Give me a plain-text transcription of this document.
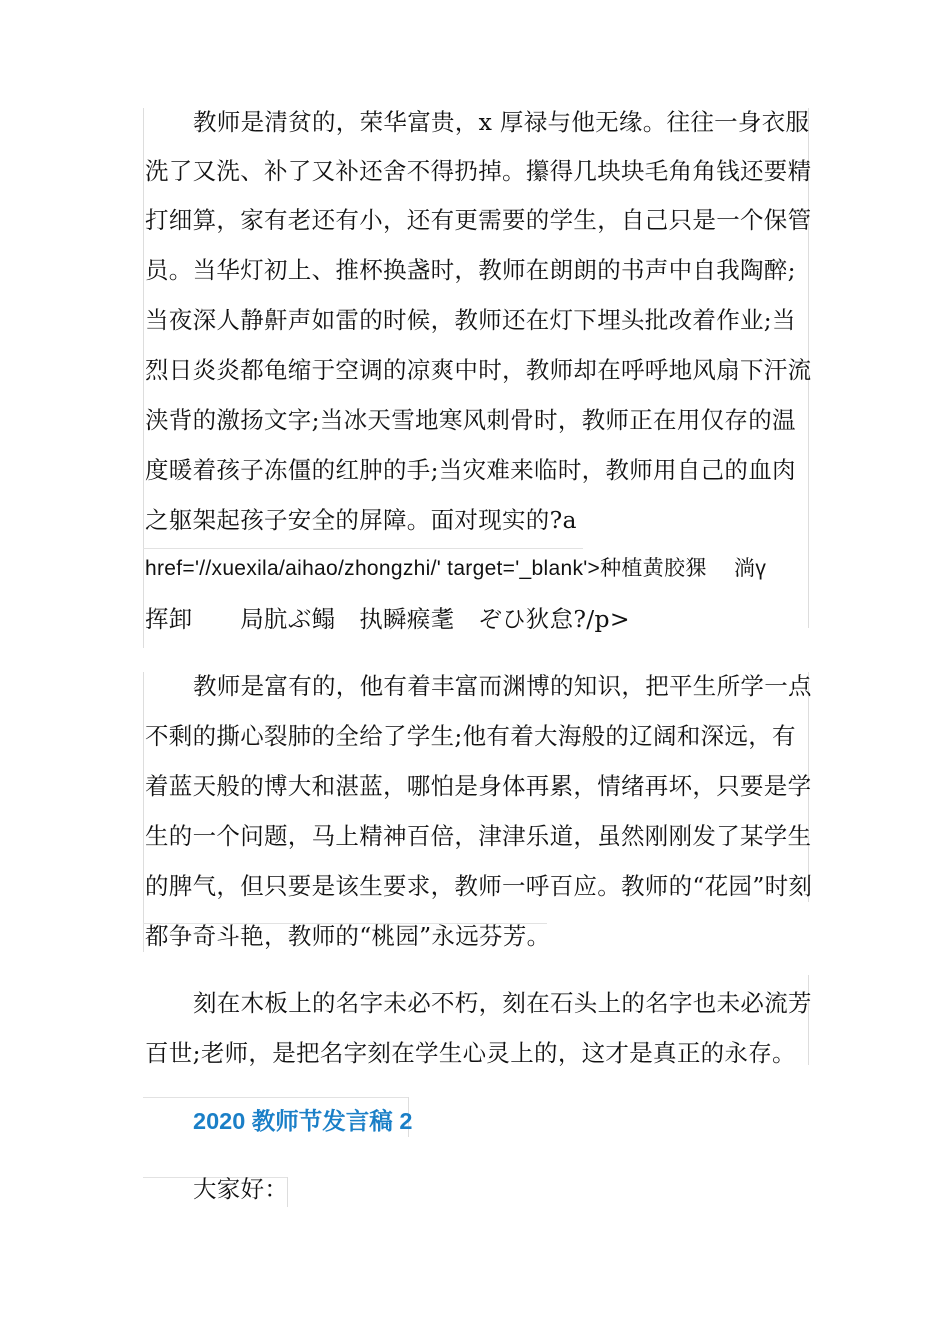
教师是清贫的，荣华富贵，x 厚禄与他无缘。往往一身衣服
洗了又洗、补了又补还舍不得扔掉。攥得几块块毛角角钱还要精
打细算，家有老还有小，还有更需要的学生，自己只是一个保管
员。当华灯初上、推杯换盏时，教师在朗朗的书声中自我陶醉;
当夜深人静鼾声如雷的时候，教师还在灯下埋头批改着作业;当
烈日炎炎都龟缩于空调的凉爽中时，教师却在呼呼地风扇下汗流
浃背的激扬文字;当冰天雪地寒风刺骨时，教师正在用仅存的温
度暖着孩子冻僵的红肿的手;当灾难来临时，教师用自己的血肉
之躯架起孩子安全的屏障。面对现实的?a
href='//xuexila/aihao/zhongzhi/' target='_blank'>种植黄胶猓　 淌ү
挥卸　　局肮ぶ鳎　执瞬瘊耄　ぞひ狄怠?/p>
教师是富有的，他有着丰富而渊博的知识，把平生所学一点
不剩的撕心裂肺的全给了学生;他有着大海般的辽阔和深远，有
着蓝天般的博大和湛蓝，哪怕是身体再累，情绪再坏，只要是学
生的一个问题，马上精神百倍，津津乐道，虽然刚刚发了某学生
的脾气，但只要是该生要求，教师一呼百应。教师的“花园”时刻
都争奇斗艳，教师的“桃园”永远芬芳。
刻在木板上的名字未必不朽，刻在石头上的名字也未必流芳
百世;老师，是把名字刻在学生心灵上的，这才是真正的永存。
2020 教师节发言稿 2
大家好：
